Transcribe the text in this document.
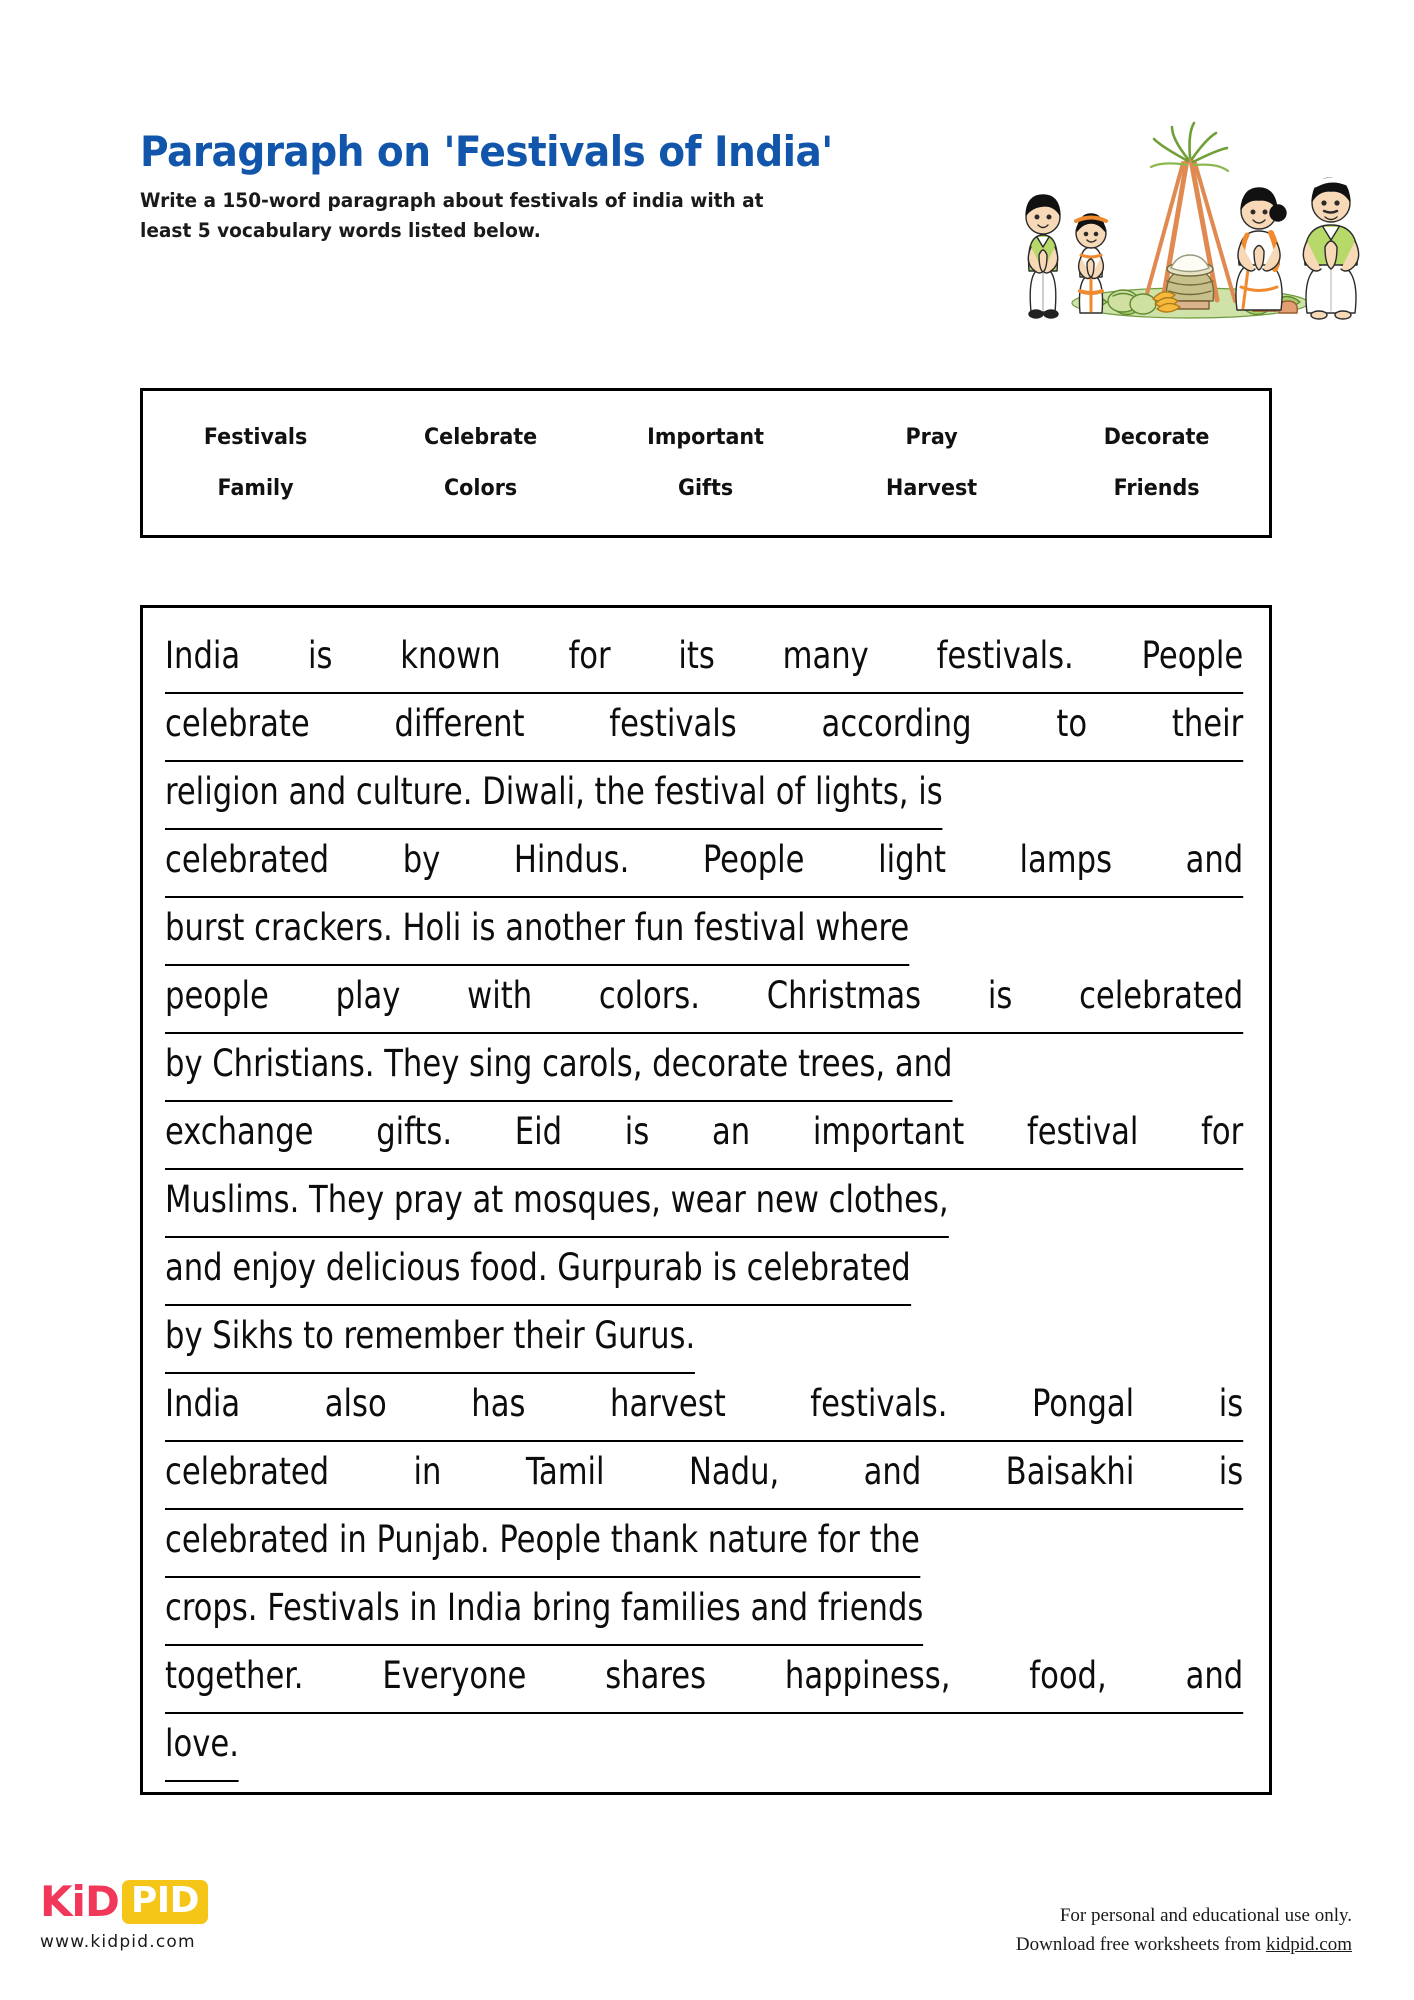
Paragraph on 'Festivals of India'

Write a 150-word paragraph about festivals of india with at least 5 vocabulary words listed below.

Festivals	Celebrate	Important	Pray	Decorate
Family	Colors	Gifts	Harvest	Friends
India is known for its many festivals. People
celebrate different festivals according to their
religion and culture. Diwali, the festival of lights, is
celebrated by Hindus. People light lamps and
burst crackers. Holi is another fun festival where
people play with colors. Christmas is celebrated
by Christians. They sing carols, decorate trees, and
exchange gifts. Eid is an important festival for
Muslims. They pray at mosques, wear new clothes,
and enjoy delicious food. Gurpurab is celebrated
by Sikhs to remember their Gurus.
India also has harvest festivals. Pongal is
celebrated in Tamil Nadu, and Baisakhi is
celebrated in Punjab. People thank nature for the
crops. Festivals in India bring families and friends
together. Everyone shares happiness, food, and
love.
KiD PID
www.kidpid.com
For personal and educational use only.
Download free worksheets from kidpid.com
